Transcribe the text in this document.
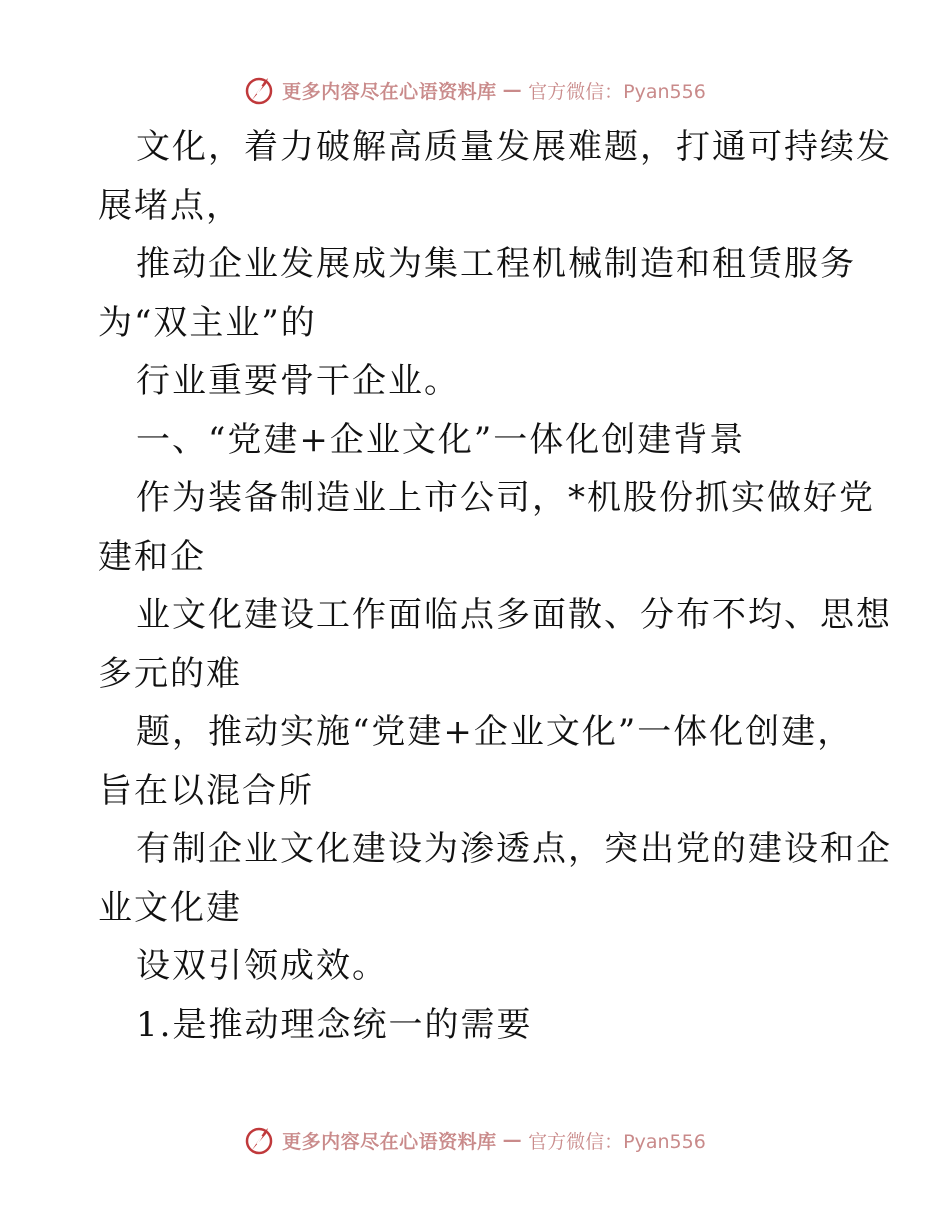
更多内容尽在心语资料库 — 官方微信：Pyan556
文化，着力破解高质量发展难题，打通可持续发
展堵点，
推动企业发展成为集工程机械制造和租赁服务
为“双主业”的
行业重要骨干企业。
一、“党建+企业文化”一体化创建背景
作为装备制造业上市公司，*机股份抓实做好党
建和企
业文化建设工作面临点多面散、分布不均、思想
多元的难
题，推动实施“党建+企业文化”一体化创建，
旨在以混合所
有制企业文化建设为渗透点，突出党的建设和企
业文化建
设双引领成效。
1.是推动理念统一的需要
更多内容尽在心语资料库 — 官方微信：Pyan556
